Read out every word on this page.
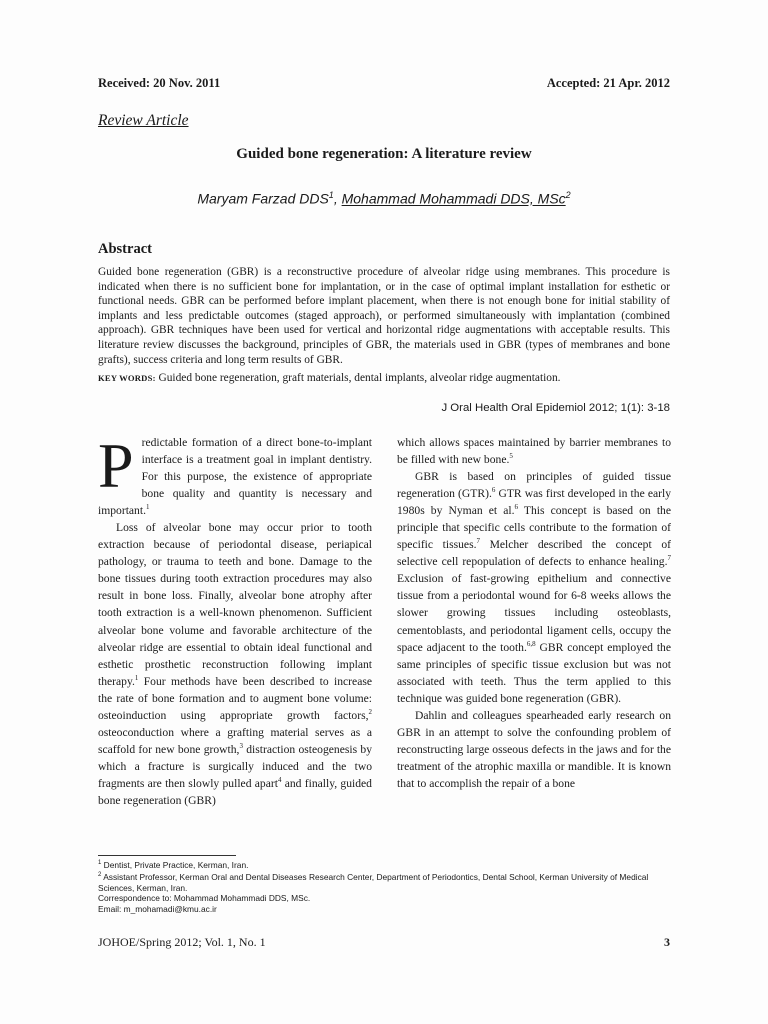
Received: 20 Nov. 2011	Accepted: 21 Apr. 2012
Review Article
Guided bone regeneration: A literature review
Maryam Farzad DDS$^1$, Mohammad Mohammadi DDS, MSc$^2$
Abstract
Guided bone regeneration (GBR) is a reconstructive procedure of alveolar ridge using membranes. This procedure is indicated when there is no sufficient bone for implantation, or in the case of optimal implant installation for esthetic or functional needs. GBR can be performed before implant placement, when there is not enough bone for initial stability of implants and less predictable outcomes (staged approach), or performed simultaneously with implantation (combined approach). GBR techniques have been used for vertical and horizontal ridge augmentations with acceptable results. This literature review discusses the background, principles of GBR, the materials used in GBR (types of membranes and bone grafts), success criteria and long term results of GBR.
KEY WORDS: Guided bone regeneration, graft materials, dental implants, alveolar ridge augmentation.
J Oral Health Oral Epidemiol 2012; 1(1): 3-18

Predictable formation of a direct bone-to-implant interface is a treatment goal in implant dentistry. For this purpose, the existence of appropriate bone quality and quantity is necessary and important.$^1$

Loss of alveolar bone may occur prior to tooth extraction because of periodontal disease, periapical pathology, or trauma to teeth and bone. Damage to the bone tissues during tooth extraction procedures may also result in bone loss. Finally, alveolar bone atrophy after tooth extraction is a well-known phenomenon. Sufficient alveolar bone volume and favorable architecture of the alveolar ridge are essential to obtain ideal functional and esthetic prosthetic reconstruction following implant therapy.$^1$ Four methods have been described to increase the rate of bone formation and to augment bone volume: osteoinduction using appropriate growth factors,$^2$ osteoconduction where a grafting material serves as a scaffold for new bone growth,$^3$ distraction osteogenesis by which a fracture is surgically induced and the two fragments are then slowly pulled apart$^4$ and finally, guided bone regeneration (GBR)

which allows spaces maintained by barrier membranes to be filled with new bone.$^5$

GBR is based on principles of guided tissue regeneration (GTR).$^6$ GTR was first developed in the early 1980s by Nyman et al.$^6$ This concept is based on the principle that specific cells contribute to the formation of specific tissues.$^7$ Melcher described the concept of selective cell repopulation of defects to enhance healing.$^7$ Exclusion of fast-growing epithelium and connective tissue from a periodontal wound for 6-8 weeks allows the slower growing tissues including osteoblasts, cementoblasts, and periodontal ligament cells, occupy the space adjacent to the tooth.$^{6,8}$ GBR concept employed the same principles of specific tissue exclusion but was not associated with teeth. Thus the term applied to this technique was guided bone regeneration (GBR).

Dahlin and colleagues spearheaded early research on GBR in an attempt to solve the confounding problem of reconstructing large osseous defects in the jaws and for the treatment of the atrophic maxilla or mandible. It is known that to accomplish the repair of a bone

$^1$ Dentist, Private Practice, Kerman, Iran.
$^2$ Assistant Professor, Kerman Oral and Dental Diseases Research Center, Department of Periodontics, Dental School, Kerman University of Medical Sciences, Kerman, Iran.
Correspondence to: Mohammad Mohammadi DDS, MSc.
Email: m_mohamadi@kmu.ac.ir
JOHOE/Spring 2012; Vol. 1, No. 1	3
